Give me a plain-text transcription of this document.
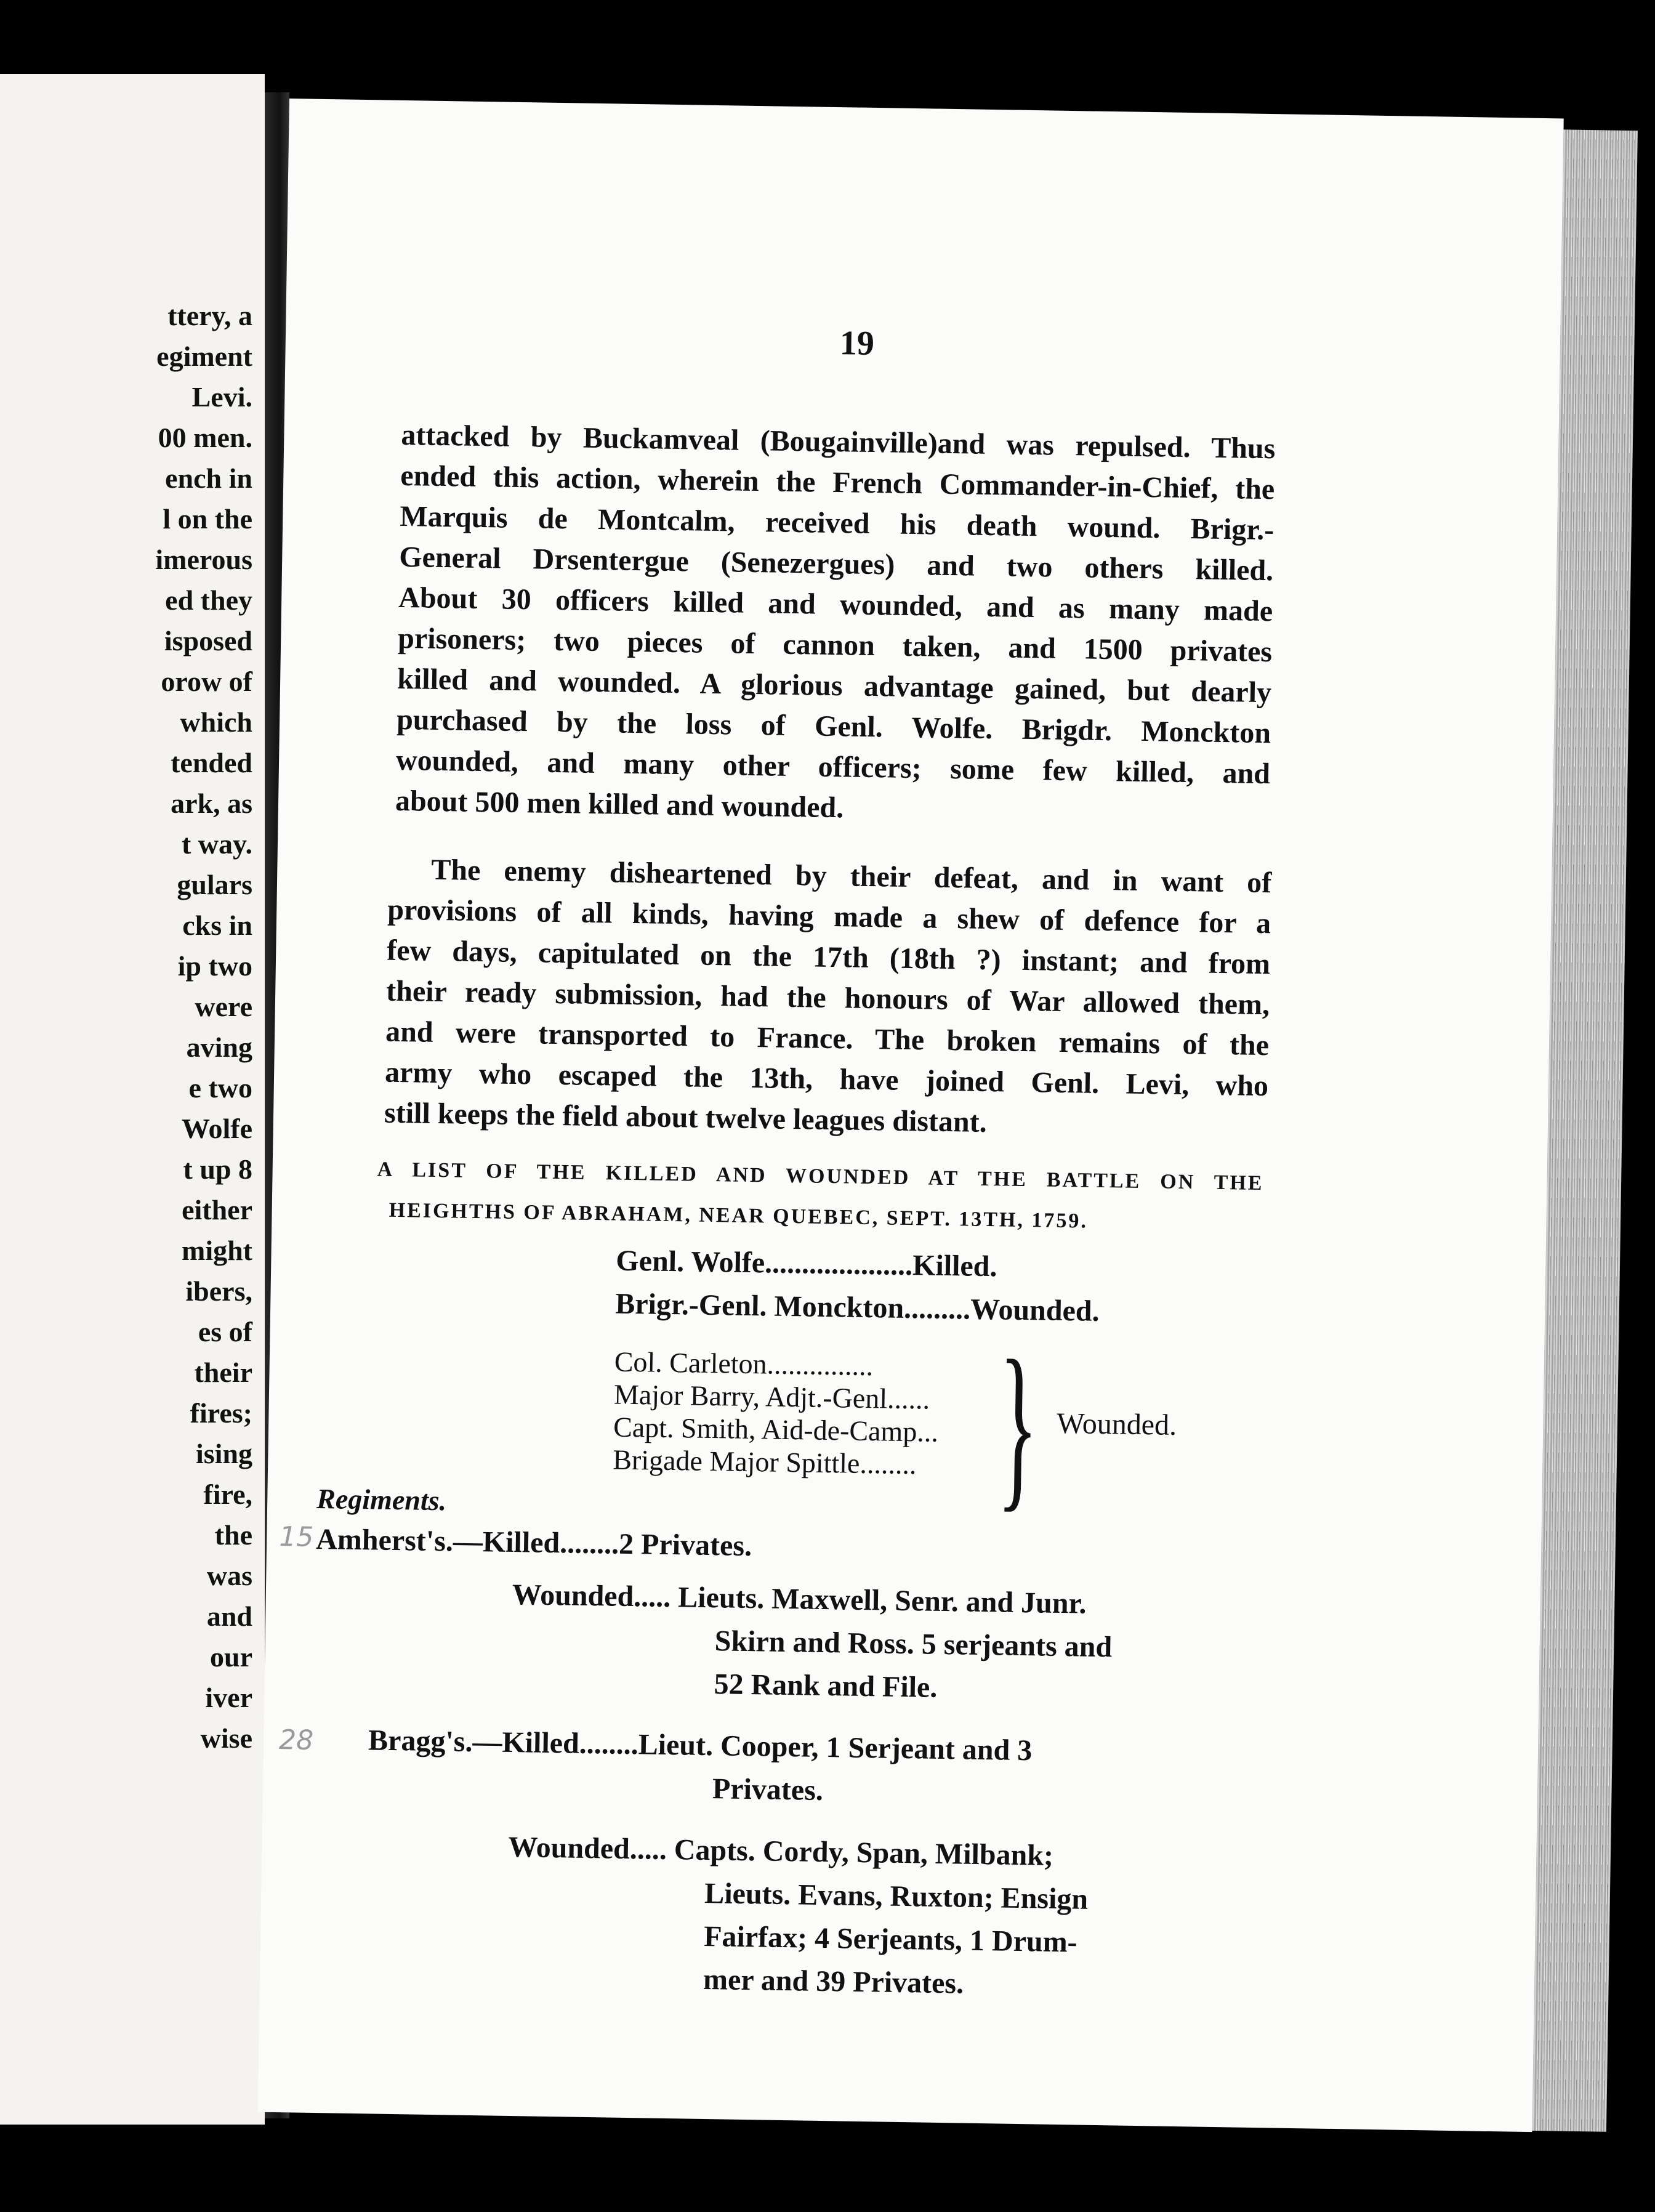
ttery, a
egiment
Levi.
00 men.
ench in
l on the
imerous
ed they
isposed
orow of
which
tended
ark, as
t way.
gulars
cks in
ip two
were
aving
e two
Wolfe
t up 8
either
might
ibers,
es of
their
fires;
ising
fire,
the
was
and
our
iver
wise
19
attacked by Buckamveal (Bougainville)and was repulsed. Thus
ended this action, wherein the French Commander-in-Chief, the
Marquis de Montcalm, received his death wound. Brigr.-
General Drsentergue (Senezergues) and two others killed.
About 30 officers killed and wounded, and as many made
prisoners; two pieces of cannon taken, and 1500 privates
killed and wounded. A glorious advantage gained, but dearly
purchased by the loss of Genl. Wolfe. Brigdr. Monckton
wounded, and many other officers; some few killed, and
about 500 men killed and wounded.
The enemy disheartened by their defeat, and in want of
provisions of all kinds, having made a shew of defence for a
few days, capitulated on the 17th (18th ?) instant; and from
their ready submission, had the honours of War allowed them,
and were transported to France. The broken remains of the
army who escaped the 13th, have joined Genl. Levi, who
still keeps the field about twelve leagues distant.
A LIST OF THE KILLED AND WOUNDED AT THE BATTLE ON THE
HEIGHTHS OF ABRAHAM, NEAR QUEBEC, SEPT. 13TH, 1759.
Genl. Wolfe....................Killed.
Brigr.-Genl. Monckton.........Wounded.
Col. Carleton...............
Major Barry, Adjt.-Genl......
Capt. Smith, Aid-de-Camp...
Brigade Major Spittle........ } Wounded.
Regiments.
Amherst's.—Killed........2 Privates.
Wounded..... Lieuts. Maxwell, Senr. and Junr.
Skirn and Ross. 5 serjeants and
52 Rank and File.
Bragg's.—Killed........Lieut. Cooper, 1 Serjeant and 3
Privates.
Wounded..... Capts. Cordy, Span, Milbank;
Lieuts. Evans, Ruxton; Ensign
Fairfax; 4 Serjeants, 1 Drum-
mer and 39 Privates.
15
28
